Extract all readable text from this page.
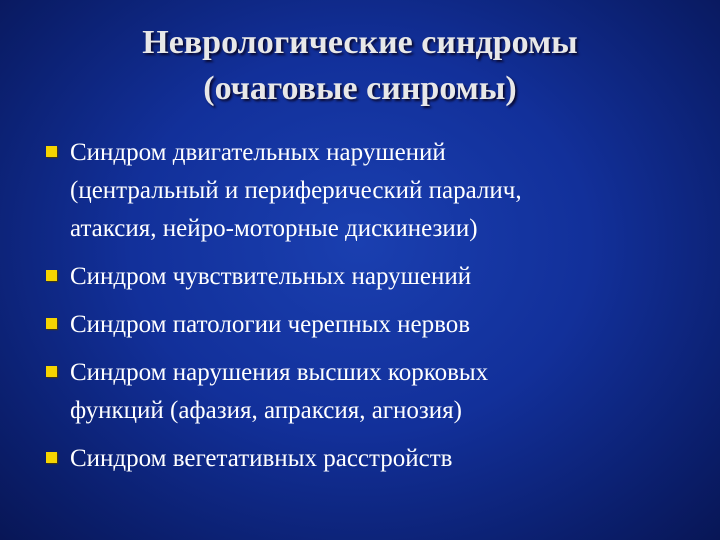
Неврологические синдромы
(очаговые синромы)
Синдром двигательных нарушений
(центральный и периферический паралич,
атаксия, нейро-моторные дискинезии)
Синдром чувствительных нарушений
Синдром патологии черепных нервов
Синдром нарушения высших корковых
функций (афазия, апраксия, агнозия)
Синдром вегетативных расстройств
